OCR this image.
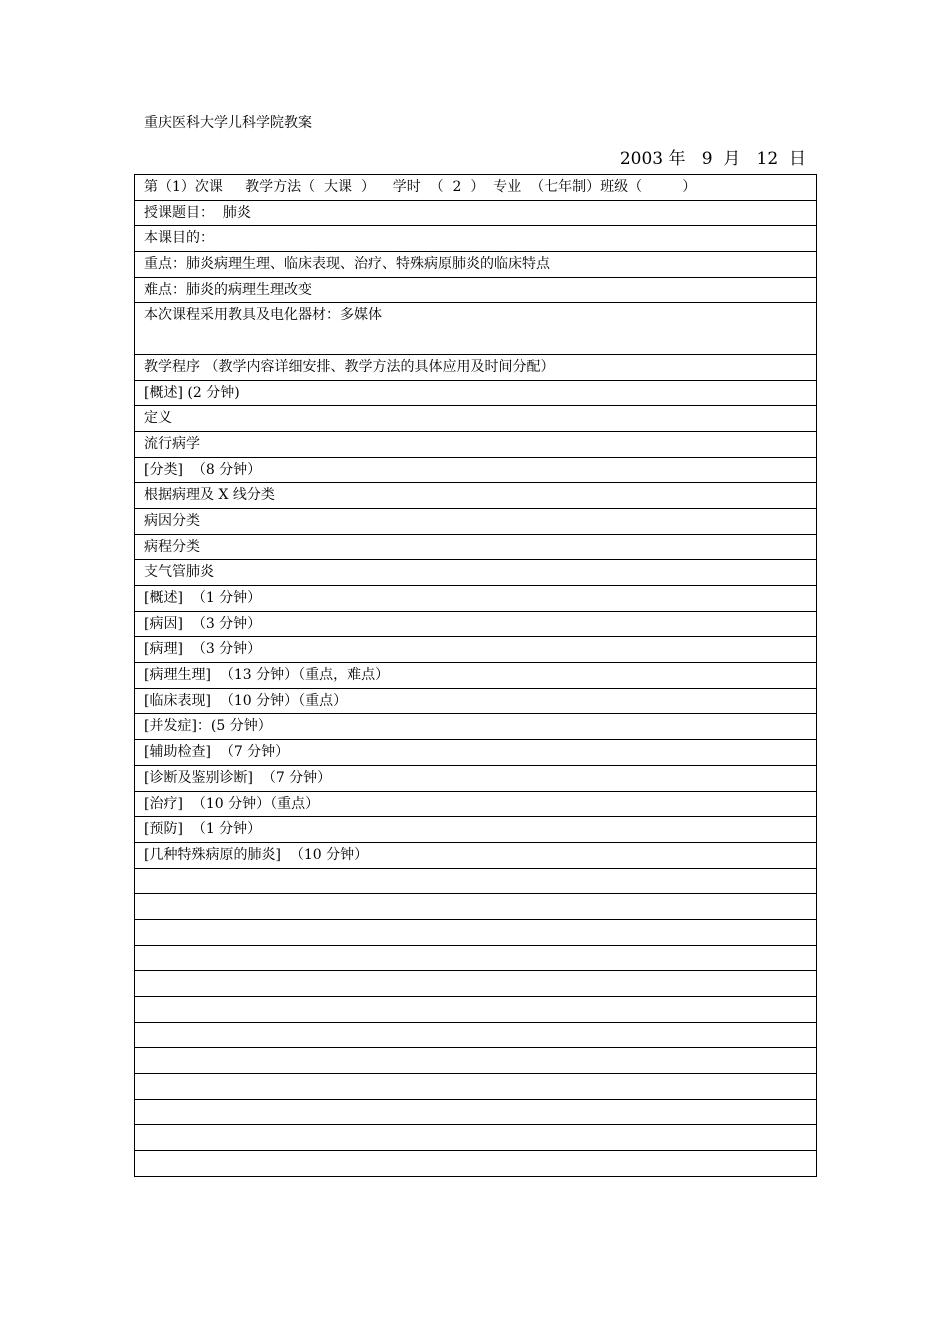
重庆医科大学儿科学院教案
2003 年   9  月   12  日
第（1）次课     教学方法（  大课  ）    学时  （  2  ）  专业  （七年制）班级（         ）
授课题目：  肺炎
本课目的：
重点：肺炎病理生理、临床表现、治疗、特殊病原肺炎的临床特点
难点：肺炎的病理生理改变
本次课程采用教具及电化器材：多媒体
教学程序 （教学内容详细安排、教学方法的具体应用及时间分配）
[概述] (2 分钟)
定义
流行病学
[分类]  （8 分钟）
根据病理及 X 线分类
病因分类
病程分类
支气管肺炎
[概述]  （1 分钟）
[病因]  （3 分钟）
[病理]  （3 分钟）
[病理生理]  （13 分钟）（重点，难点）
[临床表现]  （10 分钟）（重点）
[并发症]：(5 分钟）
[辅助检查]  （7 分钟）
[诊断及鉴别诊断]  （7 分钟）
[治疗]  （10 分钟）（重点）
[预防]  （1 分钟）
[几种特殊病原的肺炎]  （10 分钟）
